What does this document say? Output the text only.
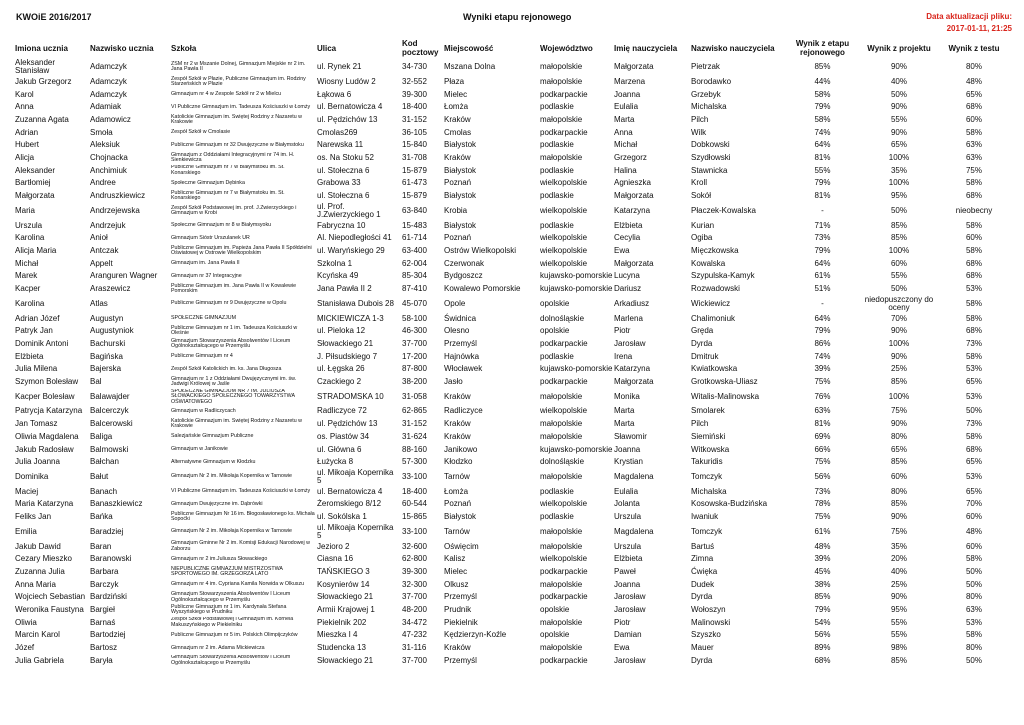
KWOiE 2016/2017	Wyniki etapu rejonowego	Data aktualizacji pliku:
2017-01-11, 21:25
Imiona ucznia	Nazwisko ucznia	Szkoła	Ulica	Kod pocztowy	Miejscowość	Województwo	Imię nauczyciela	Nazwisko nauczyciela	Wynik z etapu rejonowego	Wynik z projektu	Wynik z testu
Aleksander Stanisław	Adamczyk	ZSM nr 2 w Mszanie Dolnej, Gimnazjum Miejskie nr 2 im. Jana Pawła II	ul. Rynek 21	34-730	Mszana Dolna	małopolskie	Małgorzata	Pietrzak	85%	90%	80%
Jakub Grzegorz	Adamczyk	Zespół Szkół w Płazie, Publiczne Gimnazjum im. Rodziny Starzeńskich w Płazie	Wiosny Ludów 2	32-552	Płaza	małopolskie	Marzena	Borodawko	44%	40%	48%
Karol	Adamczyk	Gimnazjum nr 4 w Zespole Szkół nr 2 w Mielcu	Łąkowa 6	39-300	Mielec	podkarpackie	Joanna	Grzebyk	58%	50%	65%
Anna	Adamiak	VI Publiczne Gimnazjum im. Tadeusza Kościuszki w Łomży	ul. Bernatowicza 4	18-400	Łomża	podlaskie	Eulalia	Michalska	79%	90%	68%
Zuzanna Agata	Adamowicz	Katolickie Gimnazjum im. Świętej Rodziny z Nazaretu w Krakowie	ul. Pędzichów 13	31-152	Kraków	małopolskie	Marta	Pilch	58%	55%	60%
Adrian	Smoła	Zespół Szkół w Cmolasie	Cmolas269	36-105	Cmolas	podkarpackie	Anna	Wilk	74%	90%	58%
Hubert	Aleksiuk	Publiczne Gimnazjum nr 32 Dwujęzyczne w Białymstoku	Narewska 11	15-840	Białystok	podlaskie	Michał	Dobkowski	64%	65%	63%
Alicja	Chojnacka	Gimnazjum z Oddziałami Integracyjnymi nr 74 im. H. Sienkiewicza	os. Na Stoku 52	31-708	Kraków	małopolskie	Grzegorz	Szydłowski	81%	100%	63%
Aleksander	Anchimiuk	Publiczne Gimnazjum nr 7 w Białymstoku im. St. Konarskiego	ul. Stołeczna 6	15-879	Białystok	podlaskie	Halina	Stawnicka	55%	35%	75%
Bartłomiej	Andree	Społeczne Gimnazjum Dębinka	Grabowa 33	61-473	Poznań	wielkopolskie	Agnieszka	Kroll	79%	100%	58%
Małgorzata	Andruszkiewicz	Publiczne Gimnazjum nr 7 w Białymstoku im. St. Konarskiego	ul. Stołeczna 6	15-879	Białystok	podlaskie	Małgorzata	Sokół	81%	95%	68%
Maria	Andrzejewska	Zespół Szkół Podstawowej im. prof. J.Zwierzyckiego i Gimnazjum w Krobi	ul. Prof. J.Zwierzyckiego 1	63-840	Krobia	wielkopolskie	Katarzyna	Płaczek-Kowalska	-	50%	nieobecny
Urszula	Andrzejuk	Społeczne Gimnazjum nr 8 w Białymsyoku	Fabryczna 10	15-483	Białystok	podlaskie	Elżbieta	Kurian	71%	85%	58%
Karolina	Anioł	Gimnazjum Sióstr Urszulanek UR	Al. Niepodległości 41	61-714	Poznań	wielkopolskie	Cecylia	Ogiba	73%	85%	60%
Alicja Maria	Antczak	Publiczne Gimnazjum im. Papieża Jana Pawła II Spółdzielni Oświatowej w Ostrowie Wielkopolskim	ul. Waryńskiego 29	63-400	Ostrów Wielkopolski	wielkopolskie	Ewa	Mięczkowska	79%	100%	58%
Michał	Appelt	Gimnazjum im. Jana Pawła II	Szkolna 1	62-004	Czerwonak	wielkopolskie	Małgorzata	Kowalska	64%	60%	68%
Marek	Aranguren Wagner	Gimnazjum nr 37 Integracyjne	Kcyńska 49	85-304	Bydgoszcz	kujawsko-pomorskie	Lucyna	Szypulska-Kamyk	61%	55%	68%
Kacper	Araszewicz	Publiczne Gimnazjum im. Jana Pawła II w Kowalewie Pomorskim	Jana Pawła II 2	87-410	Kowalewo Pomorskie	kujawsko-pomorskie	Dariusz	Rozwadowski	51%	50%	53%
Karolina	Atlas	Publiczne Gimnazjum nr 9 Dwujęzyczne w Opolu	Stanisława Dubois 28	45-070	Opole	opolskie	Arkadiusz	Wickiewicz	-	niedopuszczony do oceny	58%
Adrian Józef	Augustyn	SPOŁECZNE GIMNAZJUM	MICKIEWICZA 1-3	58-100	Świdnica	dolnośląskie	Marlena	Chalimoniuk	64%	70%	58%
Patryk Jan	Augustyniok	Publiczne Gimnazjum nr 1 im. Tadeusza Kościuszki w Oleśnie	ul. Pieloka 12	46-300	Olesno	opolskie	Piotr	Gręda	79%	90%	68%
Dominik Antoni	Bachurski	Gimnazjum Stowarzyszenia Absolwentów I Liceum Ogólnokształcącego w Przemyślu	Słowackiego 21	37-700	Przemyśl	podkarpackie	Jarosław	Dyrda	86%	100%	73%
Elżbieta	Bagińska	Publiczne Gimnazjum nr 4	J. Piłsudskiego 7	17-200	Hajnówka	podlaskie	Irena	Dmitruk	74%	90%	58%
Julia Milena	Bajerska	Zespół Szkół Katolickich im. ks. Jana Długosza	ul. Łęgska 26	87-800	Włocławek	kujawsko-pomorskie	Katarzyna	Kwiatkowska	39%	25%	53%
Szymon Bolesław	Bal	Gimnazjum nr 1 z Oddziałami Dwujęzycznymi im. św. Jadwigi Królowej w Jaśle	Czackiego 2	38-200	Jasło	podkarpackie	Małgorzata	Grotkowska-Uliasz	75%	85%	65%
Kacper Bolesław	Balawajder	SPOŁECZNE GIMNAZJUM NR 7 IM. JULIUSZA SŁOWACKIEGO SPOŁECZNEGO TOWARZYSTWA OŚWIATOWEGO	STRADOMSKA 10	31-058	Kraków	małopolskie	Monika	Witalis-Malinowska	76%	100%	53%
Patrycja Katarzyna	Balcerczyk	Gimnazjum w Radliczycach	Radliczyce 72	62-865	Radliczyce	wielkopolskie	Marta	Smolarek	63%	75%	50%
Jan Tomasz	Balcerowski	Katolickie Gimnazjum im. Świętej Rodziny z Nazaretu w Krakowie	ul. Pędzichów 13	31-152	Kraków	małopolskie	Marta	Pilch	81%	90%	73%
Oliwia Magdalena	Baliga	Salezjańskie Gimnazjum Publiczne	os. Piastów 34	31-624	Kraków	małopolskie	Sławomir	Siemiński	69%	80%	58%
Jakub Radosław	Balmowski	Gimnazjum w Janikowie	ul. Główna 6	88-160	Janikowo	kujawsko-pomorskie	Joanna	Witkowska	66%	65%	68%
Julia Joanna	Bałchan	Alternatywne Gimnazjum w Kłodzku	Łużycka 8	57-300	Kłodzko	dolnośląskie	Krystian	Takuridis	75%	85%	65%
Dominika	Bałut	Gimnazjum Nr 2 im. Mikołaja Kopernika w Tarnowie	ul. Mikoaja Kopernika 5	33-100	Tarnów	małopolskie	Magdalena	Tomczyk	56%	60%	53%
Maciej	Banach	VI Publiczne Gimnazjum im. Tadeusza Kościuszki w Łomży	ul. Bernatowicza 4	18-400	Łomża	podlaskie	Eulalia	Michalska	73%	80%	65%
Maria Katarzyna	Banaszkiewicz	Gimnazjum Dwujęzyczne im. Dąbrówki	Żeromskiego 8/12	60-544	Poznań	wielkopolskie	Jolanta	Kosowska-Budzińska	78%	85%	70%
Feliks Jan	Bańka	Publiczne Gimnazjum Nr 16 im. Błogosławionego ks. Michała Sopoćki	ul. Sokólska 1	15-865	Białystok	podlaskie	Urszula	Iwaniuk	75%	90%	60%
Emilia	Baradziej	Gimnazjum Nr 2 im. Mikołaja Kopernika w Tarnowie	ul. Mikoaja Kopernika 5	33-100	Tarnów	małopolskie	Magdalena	Tomczyk	61%	75%	48%
Jakub Dawid	Baran	Gimnazjum Gminne Nr 2 im. Komisji Edukacji Narodowej w Zaborzu	Jezioro 2	32-600	Oświęcim	małopolskie	Urszula	Bartuś	48%	35%	60%
Cezary Mieszko	Baranowski	Gimnazjum nr 2 im.Juliusza Słowackiego	Ciasna 16	62-800	Kalisz	wielkopolskie	Elżbieta	Zimna	39%	20%	58%
Zuzanna Julia	Barbara	NIEPUBLICZNE GIMNAZJUM MISTRZOSTWA SPORTOWEGO IM. GRZEGORZA LATO	TAŃSKIEGO 3	39-300	Mielec	podkarpackie	Paweł	Ćwięka	45%	40%	50%
Anna Maria	Barczyk	Gimnazjum nr 4 im. Cypriana Kamila Norwida w Olkuszu	Kosynierów 14	32-300	Olkusz	małopolskie	Joanna	Dudek	38%	25%	50%
Wojciech Sebastian	Bardziński	Gimnazjum Stowarzyszenia Absolwentów I Liceum Ogólnokształcącego w Przemyślu	Słowackiego 21	37-700	Przemyśl	podkarpackie	Jarosław	Dyrda	85%	90%	80%
Weronika Faustyna	Bargieł	Publiczne Gimnazjum nr 1 im. Kardynała Stefana Wyszyńskiego w Prudniku	Armii Krajowej 1	48-200	Prudnik	opolskie	Jarosław	Wołoszyn	79%	95%	63%
Oliwia	Barnaś	Zespół Szkół Podstawowej i Gimnazjum im. Kornela Makuszyńskiego w Piekielniku	Piekielnik 202	34-472	Piekielnik	małopolskie	Piotr	Malinowski	54%	55%	53%
Marcin Karol	Bartodziej	Publiczne Gimnazjum nr 5 im. Polskich Olimpijczyków	Mieszka I 4	47-232	Kędzierzyn-Koźle	opolskie	Damian	Szyszko	56%	55%	58%
Józef	Bartosz	Gimnazjum nr 2 im. Adama Mickiewicza	Studencka 13	31-116	Kraków	małopolskie	Ewa	Mauer	89%	98%	80%
Julia Gabriela	Baryła	Gimnazjum Stowarzyszenia Absolwentów I Liceum Ogólnokształcącego w Przemyślu	Słowackiego 21	37-700	Przemyśl	podkarpackie	Jarosław	Dyrda	68%	85%	50%
